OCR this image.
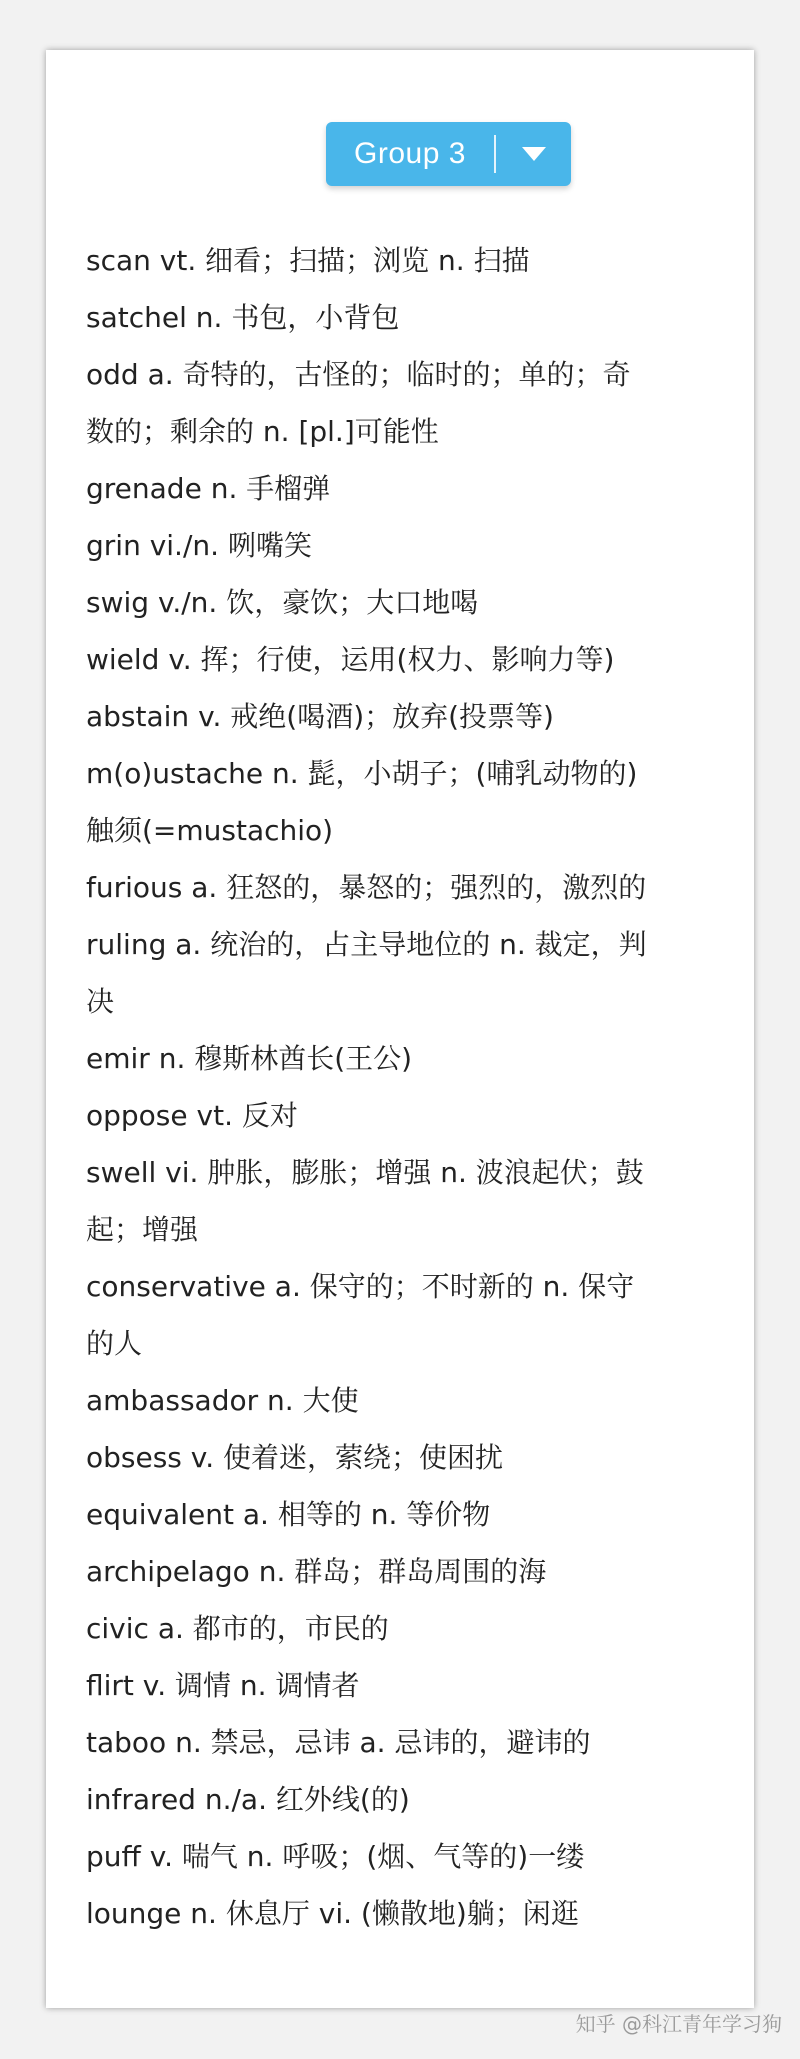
Group 3
scan vt. 细看；扫描；浏览 n. 扫描
satchel n. 书包，小背包
odd a. 奇特的，古怪的；临时的；单的；奇
数的；剩余的 n. [pl.]可能性
grenade n. 手榴弹
grin vi./n. 咧嘴笑
swig v./n. 饮，豪饮；大口地喝
wield v. 挥；行使，运用(权力、影响力等)
abstain v. 戒绝(喝酒)；放弃(投票等)
m(o)ustache n. 髭，小胡子；(哺乳动物的)
触须(=mustachio)
furious a. 狂怒的，暴怒的；强烈的，激烈的
ruling a. 统治的，占主导地位的 n. 裁定，判
决
emir n. 穆斯林酋长(王公)
oppose vt. 反对
swell vi. 肿胀，膨胀；增强 n. 波浪起伏；鼓
起；增强
conservative a. 保守的；不时新的 n. 保守
的人
ambassador n. 大使
obsess v. 使着迷，萦绕；使困扰
equivalent a. 相等的 n. 等价物
archipelago n. 群岛；群岛周围的海
civic a. 都市的，市民的
flirt v. 调情 n. 调情者
taboo n. 禁忌，忌讳 a. 忌讳的，避讳的
infrared n./a. 红外线(的)
puff v. 喘气 n. 呼吸；(烟、气等的)一缕
lounge n. 休息厅 vi. (懒散地)躺；闲逛
知乎 @科江青年学习狗
